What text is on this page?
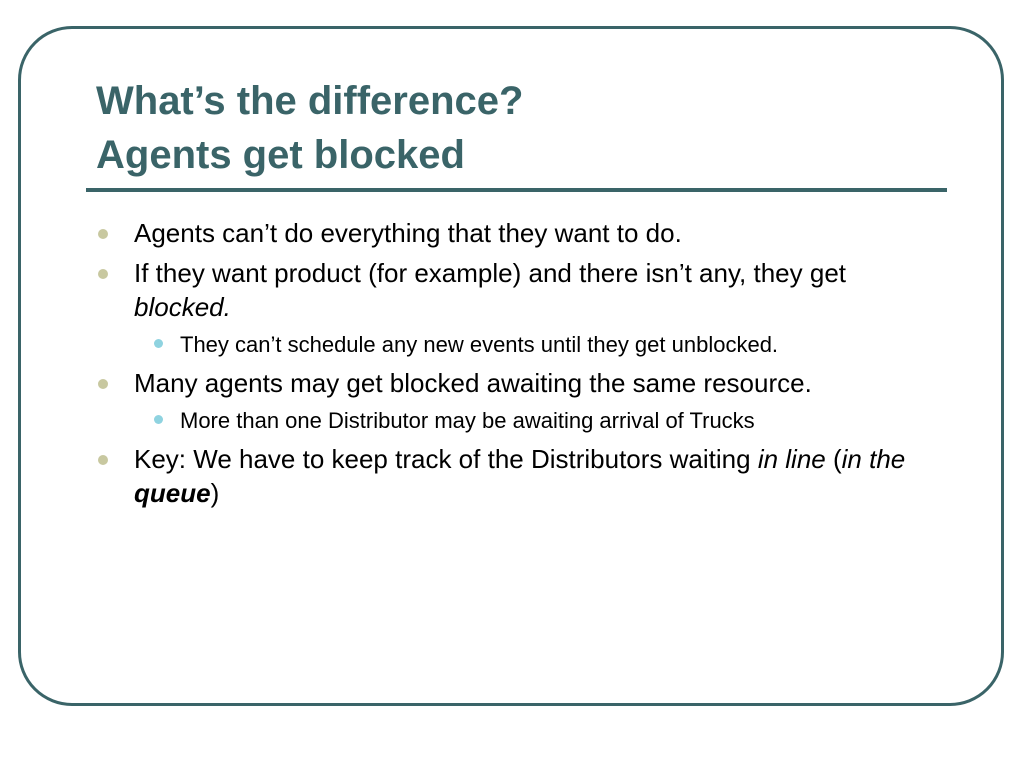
What’s the difference?
Agents get blocked
Agents can’t do everything that they want to do.
If they want product (for example) and there isn’t any, they get blocked.
They can’t schedule any new events until they get unblocked.
Many agents may get blocked awaiting the same resource.
More than one Distributor may be awaiting arrival of Trucks
Key: We have to keep track of the Distributors waiting in line (in the queue)
